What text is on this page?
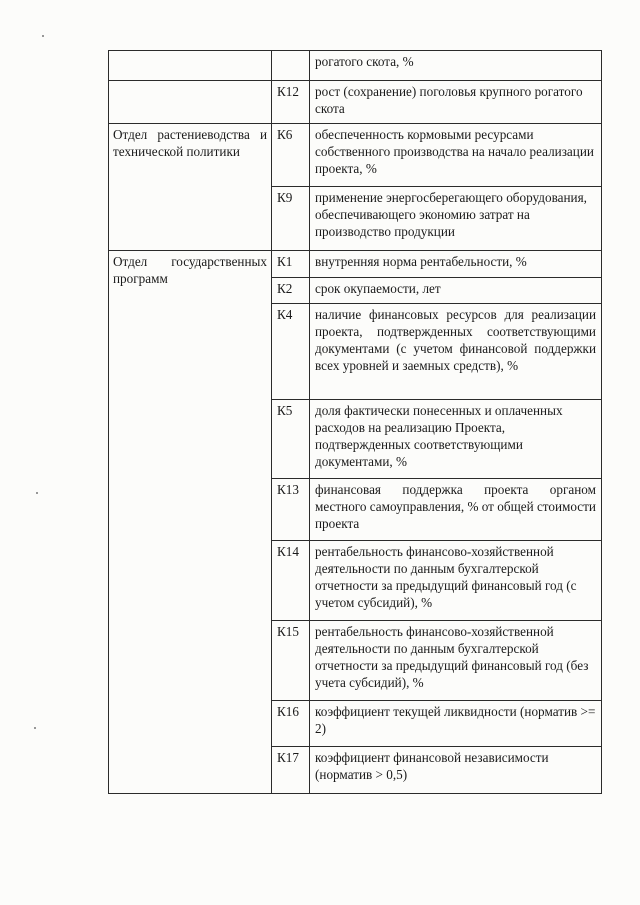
		рогатого скота, %
	К12	рост (сохранение) поголовья крупного рогатого скота
Отдел растениеводства и технической политики	К6	обеспеченность кормовыми ресурсами собственного производства на начало реализации проекта, %
	К9	применение энергосберегающего оборудования, обеспечивающего экономию затрат на производство продукции
Отдел государственных программ	К1	внутренняя норма рентабельности, %
	К2	срок окупаемости, лет
	К4	наличие финансовых ресурсов для реализации проекта, подтвержденных соответствующими документами (с учетом финансовой поддержки всех уровней и заемных средств), %
	К5	доля фактически понесенных и оплаченных расходов на реализацию Проекта, подтвержденных соответствующими документами, %
	К13	финансовая поддержка проекта органом местного самоуправления, % от общей стоимости проекта
	К14	рентабельность финансово-хозяйственной деятельности по данным бухгалтерской отчетности за предыдущий финансовый год (с учетом субсидий), %
	К15	рентабельность финансово-хозяйственной деятельности по данным бухгалтерской отчетности за предыдущий финансовый год (без учета субсидий), %
	К16	коэффициент текущей ликвидности (норматив >= 2)
	К17	коэффициент финансовой независимости (норматив > 0,5)
